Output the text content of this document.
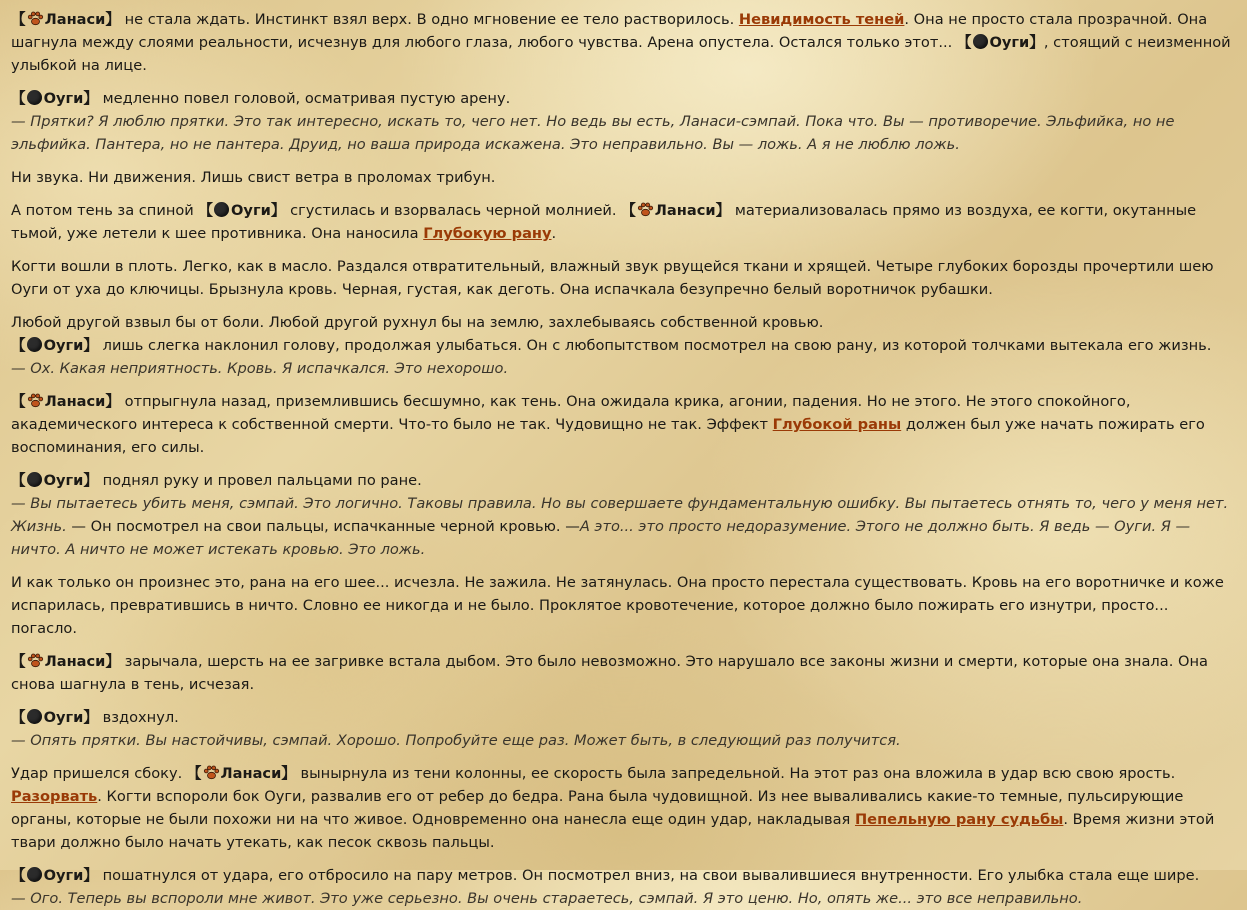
【 Ланаси】 не стала ждать. Инстинкт взял верх. В одно мгновение ее тело растворилось. Невидимость теней. Она не просто стала прозрачной. Она шагнула между слоями реальности, исчезнув для любого глаза, любого чувства. Арена опустела. Остался только этот... 【 Оуги】, стоящий с неизменной улыбкой на лице.

【 Оуги】 медленно повел головой, осматривая пустую арену.
— Прятки? Я люблю прятки. Это так интересно, искать то, чего нет. Но ведь вы есть, Ланаси-сэмпай. Пока что. Вы — противоречие. Эльфийка, но не эльфийка. Пантера, но не пантера. Друид, но ваша природа искажена. Это неправильно. Вы — ложь. А я не люблю ложь.

Ни звука. Ни движения. Лишь свист ветра в проломах трибун.

А потом тень за спиной 【 Оуги】 сгустилась и взорвалась черной молнией. 【 Ланаси】 материализовалась прямо из воздуха, ее когти, окутанные тьмой, уже летели к шее противника. Она наносила Глубокую рану.

Когти вошли в плоть. Легко, как в масло. Раздался отвратительный, влажный звук рвущейся ткани и хрящей. Четыре глубоких борозды прочертили шею Оуги от уха до ключицы. Брызнула кровь. Черная, густая, как деготь. Она испачкала безупречно белый воротничок рубашки.

Любой другой взвыл бы от боли. Любой другой рухнул бы на землю, захлебываясь собственной кровью.
【 Оуги】 лишь слегка наклонил голову, продолжая улыбаться. Он с любопытством посмотрел на свою рану, из которой толчками вытекала его жизнь.
— Ох. Какая неприятность. Кровь. Я испачкался. Это нехорошо.

【 Ланаси】 отпрыгнула назад, приземлившись бесшумно, как тень. Она ожидала крика, агонии, падения. Но не этого. Не этого спокойного, академического интереса к собственной смерти. Что-то было не так. Чудовищно не так. Эффект Глубокой раны должен был уже начать пожирать его воспоминания, его силы.

【 Оуги】 поднял руку и провел пальцами по ране.
— Вы пытаетесь убить меня, сэмпай. Это логично. Таковы правила. Но вы совершаете фундаментальную ошибку. Вы пытаетесь отнять то, чего у меня нет. Жизнь. — Он посмотрел на свои пальцы, испачканные черной кровью. —А это... это просто недоразумение. Этого не должно быть. Я ведь — Оуги. Я — ничто. А ничто не может истекать кровью. Это ложь.

И как только он произнес это, рана на его шее... исчезла. Не зажила. Не затянулась. Она просто перестала существовать. Кровь на его воротничке и коже испарилась, превратившись в ничто. Словно ее никогда и не было. Проклятое кровотечение, которое должно было пожирать его изнутри, просто... погасло.

【 Ланаси】 зарычала, шерсть на ее загривке встала дыбом. Это было невозможно. Это нарушало все законы жизни и смерти, которые она знала. Она снова шагнула в тень, исчезая.

【 Оуги】 вздохнул.
— Опять прятки. Вы настойчивы, сэмпай. Хорошо. Попробуйте еще раз. Может быть, в следующий раз получится.

Удар пришелся сбоку. 【 Ланаси】 вынырнула из тени колонны, ее скорость была запредельной. На этот раз она вложила в удар всю свою ярость. Разорвать. Когти вспороли бок Оуги, развалив его от ребер до бедра. Рана была чудовищной. Из нее вываливались какие-то темные, пульсирующие органы, которые не были похожи ни на что живое. Одновременно она нанесла еще один удар, накладывая Пепельную рану судьбы. Время жизни этой твари должно было начать утекать, как песок сквозь пальцы.

【 Оуги】 пошатнулся от удара, его отбросило на пару метров. Он посмотрел вниз, на свои вывалившиеся внутренности. Его улыбка стала еще шире.
— Ого. Теперь вы вспороли мне живот. Это уже серьезно. Вы очень стараетесь, сэмпай. Я это ценю. Но, опять же... это все неправильно.
